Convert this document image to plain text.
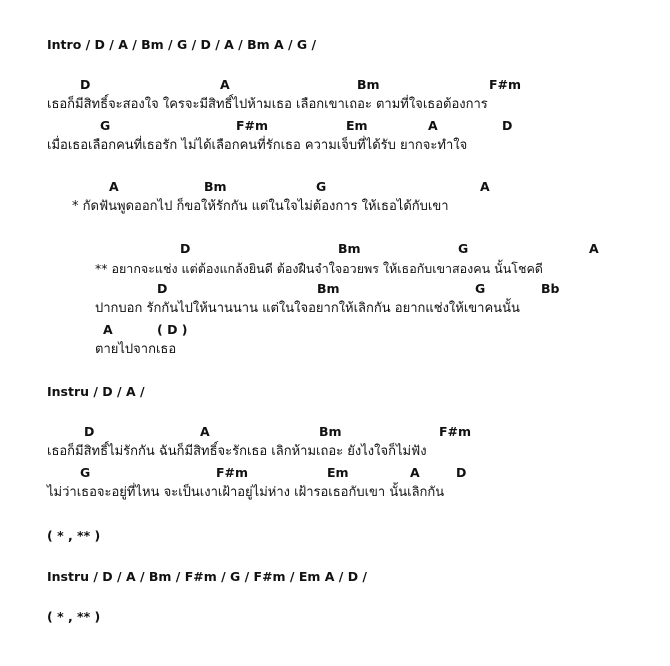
Intro / D / A / Bm / G / D / A / Bm A / G /
D	A	Bm	F#m
เธอก็มีสิทธิ์จะสองใจ ใครจะมีสิทธิ์ไปห้ามเธอ เลือกเขาเถอะ ตามที่ใจเธอต้องการ
G	F#m	Em	A	D
เมื่อเธอเลือกคนที่เธอรัก ไม่ได้เลือกคนที่รักเธอ ความเจ็บที่ได้รับ ยากจะทำใจ
A	Bm	G	A
* กัดฟันพูดออกไป ก็ขอให้รักกัน แต่ในใจไม่ต้องการ ให้เธอได้กับเขา
D	Bm	G	A
** อยากจะแช่ง แต่ต้องแกล้งยินดี ต้องฝืนจำใจอวยพร ให้เธอกับเขาสองคน นั้นโชคดี
D	Bm	G	Bb
ปากบอก รักกันไปให้นานนาน แต่ในใจอยากให้เลิกกัน อยากแช่งให้เขาคนนั้น
A	( D )
ตายไปจากเธอ
Instru / D / A /
D	A	Bm	F#m
เธอก็มีสิทธิ์ไม่รักกัน ฉันก็มีสิทธิ์จะรักเธอ เลิกห้ามเถอะ ยังไงใจก็ไม่ฟัง
G	F#m	Em	A	D
ไม่ว่าเธอจะอยู่ที่ไหน จะเป็นเงาเฝ้าอยู่ไม่ห่าง เฝ้ารอเธอกับเขา นั้นเลิกกัน
( * , ** )
Instru / D / A / Bm / F#m / G / F#m / Em A / D /
( * , ** )
